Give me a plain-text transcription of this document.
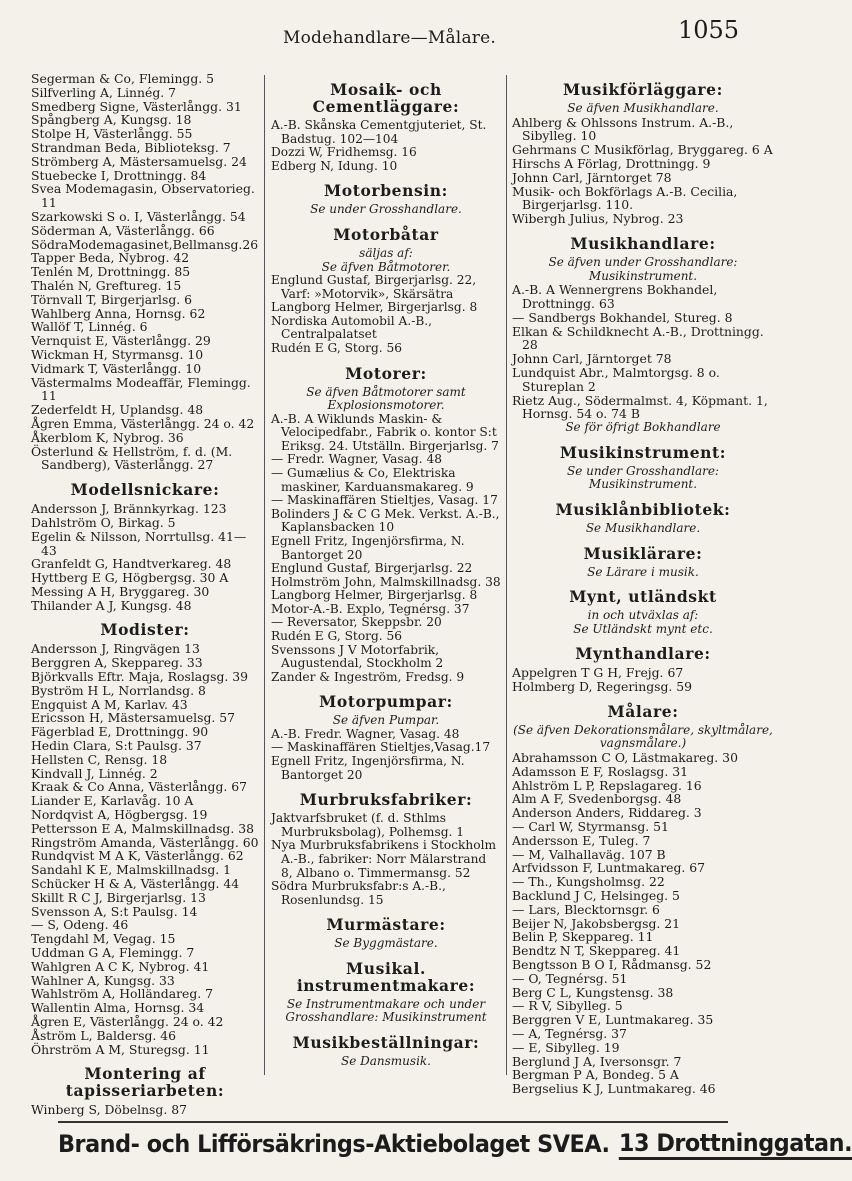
Modehandlare—Målare.	1055
Segerman & Co, Flemingg. 5
Silfverling A, Linnég. 7
Smedberg Signe, Västerlångg. 31
Spångberg A, Kungsg. 18
Stolpe H, Västerlångg. 55
Strandman Beda, Biblioteksg. 7
Strömberg A, Mästersamuelsg. 24
Stuebecke I, Drottningg. 84
Svea Modemagasin, Observatorieg. 11
Szarkowski S o. I, Västerlångg. 54
Söderman A, Västerlångg. 66
SödraModemagasinet,Bellmansg.26
Tapper Beda, Nybrog. 42
Tenlén M, Drottningg. 85
Thalén N, Greftureg. 15
Törnvall T, Birgerjarlsg. 6
Wahlberg Anna, Hornsg. 62
Wallöf T, Linnég. 6
Vernquist E, Västerlångg. 29
Wickman H, Styrmansg. 10
Vidmark T, Västerlångg. 10
Västermalms Modeaffär, Flemingg. 11
Zederfeldt H, Uplandsg. 48
Ågren Emma, Västerlångg. 24 o. 42
Åkerblom K, Nybrog. 36
Österlund & Hellström, f. d. (M. Sandberg), Västerlångg. 27
Modellsnickare:
Andersson J, Brännkyrkag. 123
Dahlström O, Birkag. 5
Egelin & Nilsson, Norrtullsg. 41—43
Granfeldt G, Handtverkareg. 48
Hyttberg E G, Högbergsg. 30 A
Messing A H, Bryggareg. 30
Thilander A J, Kungsg. 48
Modister:
Andersson J, Ringvägen 13
Berggren A, Skeppareg. 33
Björkvalls Eftr. Maja, Roslagsg. 39
Byström H L, Norrlandsg. 8
Engquist A M, Karlav. 43
Ericsson H, Mästersamuelsg. 57
Fägerblad E, Drottningg. 90
Hedin Clara, S:t Paulsg. 37
Hellsten C, Rensg. 18
Kindvall J, Linnég. 2
Kraak & Co Anna, Västerlångg. 67
Liander E, Karlavåg. 10 A
Nordqvist A, Högbergsg. 19
Pettersson E A, Malmskillnadsg. 38
Ringström Amanda, Västerlångg. 60
Rundqvist M A K, Västerlångg. 62
Sandahl K E, Malmskillnadsg. 1
Schücker H & A, Västerlångg. 44
Skillt R C J, Birgerjarlsg. 13
Svensson A, S:t Paulsg. 14
— S, Odeng. 46
Tengdahl M, Vegag. 15
Uddman G A, Flemingg. 7
Wahlgren A C K, Nybrog. 41
Wahlner A, Kungsg. 33
Wahlström A, Holländareg. 7
Wallentin Alma, Hornsg. 34
Ågren E, Västerlångg. 24 o. 42
Åström L, Baldersg. 46
Öhrström A M, Sturegsg. 11
Montering af tapisseriarbeten:
Winberg S, Döbelnsg. 87
Mosaik- och Cementläggare:
A.-B. Skånska Cementgjuteriet, St. Badstug. 102—104
Dozzi W, Fridhemsg. 16
Edberg N, Idung. 10
Motorbensin:
Se under Grosshandlare.
Motorbåtar
säljas af:
Se äfven Båtmotorer.
Englund Gustaf, Birgerjarlsg. 22, Varf: »Motorvik», Skärsätra
Langborg Helmer, Birgerjarlsg. 8
Nordiska Automobil A.-B., Centralpalatset
Rudén E G, Storg. 56
Motorer:
Se äfven Båtmotorer samt Explosionsmotorer.
A.-B. A Wiklunds Maskin- & Velocipedfabr., Fabrik o. kontor S:t Eriksg. 24. Utställn. Birgerjarlsg. 7
— Fredr. Wagner, Vasag. 48
— Gumælius & Co, Elektriska maskiner, Karduansmakareg. 9
— Maskinaffären Stieltjes, Vasag. 17
Bolinders J & C G Mek. Verkst. A.-B., Kaplansbacken 10
Egnell Fritz, Ingenjörsfirma, N. Bantorget 20
Englund Gustaf, Birgerjarlsg. 22
Holmström John, Malmskillnadsg. 38
Langborg Helmer, Birgerjarlsg. 8
Motor-A.-B. Explo, Tegnérsg. 37
— Reversator, Skeppsbr. 20
Rudén E G, Storg. 56
Svenssons J V Motorfabrik, Augustendal, Stockholm 2
Zander & Ingeström, Fredsg. 9
Motorpumpar:
Se äfven Pumpar.
A.-B. Fredr. Wagner, Vasag. 48
— Maskinaffären Stieltjes,Vasag.17
Egnell Fritz, Ingenjörsfirma, N. Bantorget 20
Murbruksfabriker:
Jaktvarfsbruket (f. d. Sthlms Murbruksbolag), Polhemsg. 1
Nya Murbruksfabrikens i Stockholm A.-B., fabriker: Norr Mälarstrand 8, Albano o. Timmermansg. 52
Södra Murbruksfabr:s A.-B., Rosenlundsg. 15
Murmästare:
Se Byggmästare.
Musikal. instrumentmakare:
Se Instrumentmakare och under Grosshandlare: Musikinstrument
Musikbeställningar:
Se Dansmusik.
Musikförläggare:
Se äfven Musikhandlare.
Ahlberg & Ohlssons Instrum. A.-B., Sibylleg. 10
Gehrmans C Musikförlag, Bryggareg. 6 A
Hirschs A Förlag, Drottningg. 9
Johnn Carl, Järntorget 78
Musik- och Bokförlags A.-B. Cecilia, Birgerjarlsg. 110.
Wibergh Julius, Nybrog. 23
Musikhandlare:
Se äfven under Grosshandlare: Musikinstrument.
A.-B. A Wennergrens Bokhandel, Drottningg. 63
— Sandbergs Bokhandel, Stureg. 8
Elkan & Schildknecht A.-B., Drottningg. 28
Johnn Carl, Järntorget 78
Lundquist Abr., Malmtorgsg. 8 o. Stureplan 2
Rietz Aug., Södermalmst. 4, Köpmant. 1, Hornsg. 54 o. 74 B
Se för öfrigt Bokhandlare
Musikinstrument:
Se under Grosshandlare: Musikinstrument.
Musiklånbibliotek:
Se Musikhandlare.
Musiklärare:
Se Lärare i musik.
Mynt, utländskt
in och utväxlas af:
Se Utländskt mynt etc.
Mynthandlare:
Appelgren T G H, Frejg. 67
Holmberg D, Regeringsg. 59
Målare:
(Se äfven Dekorationsmålare, skyltmålare, vagnsmålare.)
Abrahamsson C O, Lästmakareg. 30
Adamsson E F, Roslagsg. 31
Ahlström L P, Repslagareg. 16
Alm A F, Svedenborgsg. 48
Anderson Anders, Riddareg. 3
— Carl W, Styrmansg. 51
Andersson E, Tuleg. 7
— M, Valhallaväg. 107 B
Arfvidsson F, Luntmakareg. 67
— Th., Kungsholmsg. 22
Backlund J C, Helsingeg. 5
— Lars, Blecktornsgr. 6
Beijer N, Jakobsbergsg. 21
Belin P, Skeppareg. 11
Bendtz N T, Skeppareg. 41
Bengtsson B O I, Rådmansg. 52
— O, Tegnérsg. 51
Berg C L, Kungstensg. 38
— R V, Sibylleg. 5
Berggren V E, Luntmakareg. 35
— A, Tegnérsg. 37
— E, Sibylleg. 19
Berglund J A, Iversonsgr. 7
Bergman P A, Bondeg. 5 A
Bergselius K J, Luntmakareg. 46
Brand- och Lifförsäkrings-Aktiebolaget SVEA. 13 Drottninggatan.
